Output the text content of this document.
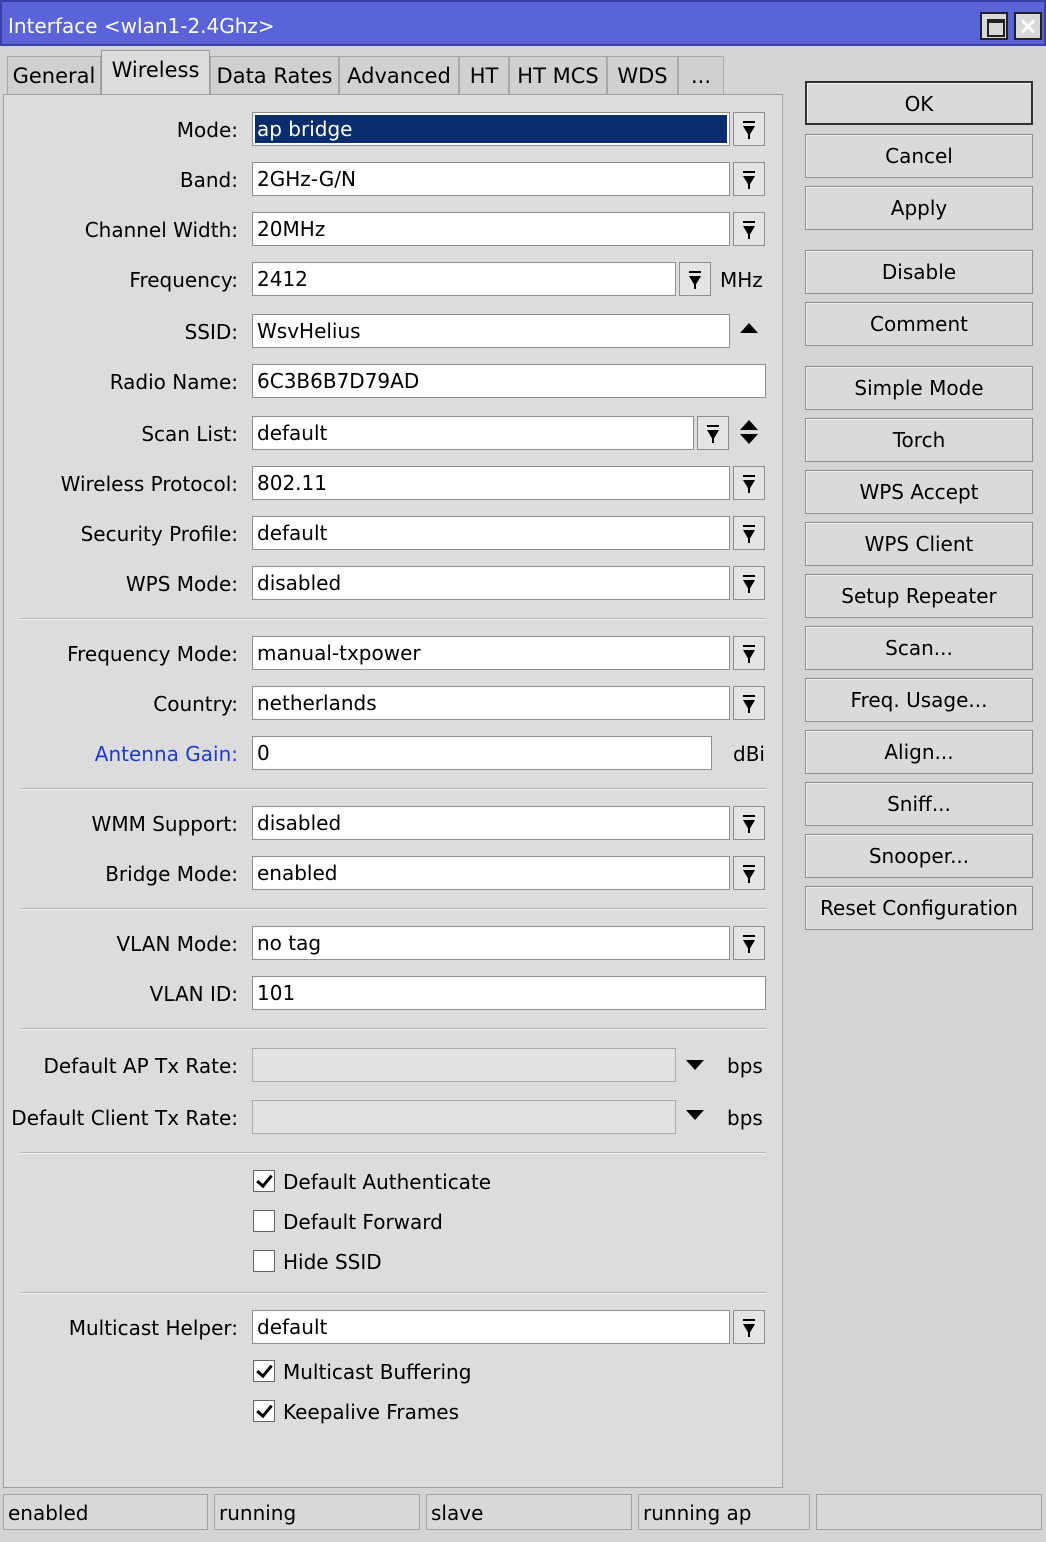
Interface <wlan1-2.4Ghz>	×
General Wireless Data Rates Advanced HT HT MCS WDS	...
Mode: ap bridge
Band: 2GHz-G/N
Channel Width: 20MHz
Frequency: 2412	MHz
SSID: WsvHelius
Radio Name: 6C3B6B7D79AD
Scan List: default
Wireless Protocol: 802.11
Security Profile: default
WPS Mode: disabled
Frequency Mode: manual-txpower
Country: netherlands
Antenna Gain: 0	dBi
WMM Support: disabled
Bridge Mode: enabled
VLAN Mode: no tag
VLAN ID: 101
Default AP Tx Rate:	bps
Default Client Tx Rate:	bps
Default Authenticate
Default Forward
Hide SSID
Multicast Helper: default
Multicast Buffering
Keepalive Frames
OK
Cancel
Apply
Disable
Comment
Simple Mode
Torch
WPS Accept
WPS Client
Setup Repeater
Scan...
Freq. Usage...
Align...
Sniff...
Snooper...
Reset Configuration
enabled	running	slave	running ap
